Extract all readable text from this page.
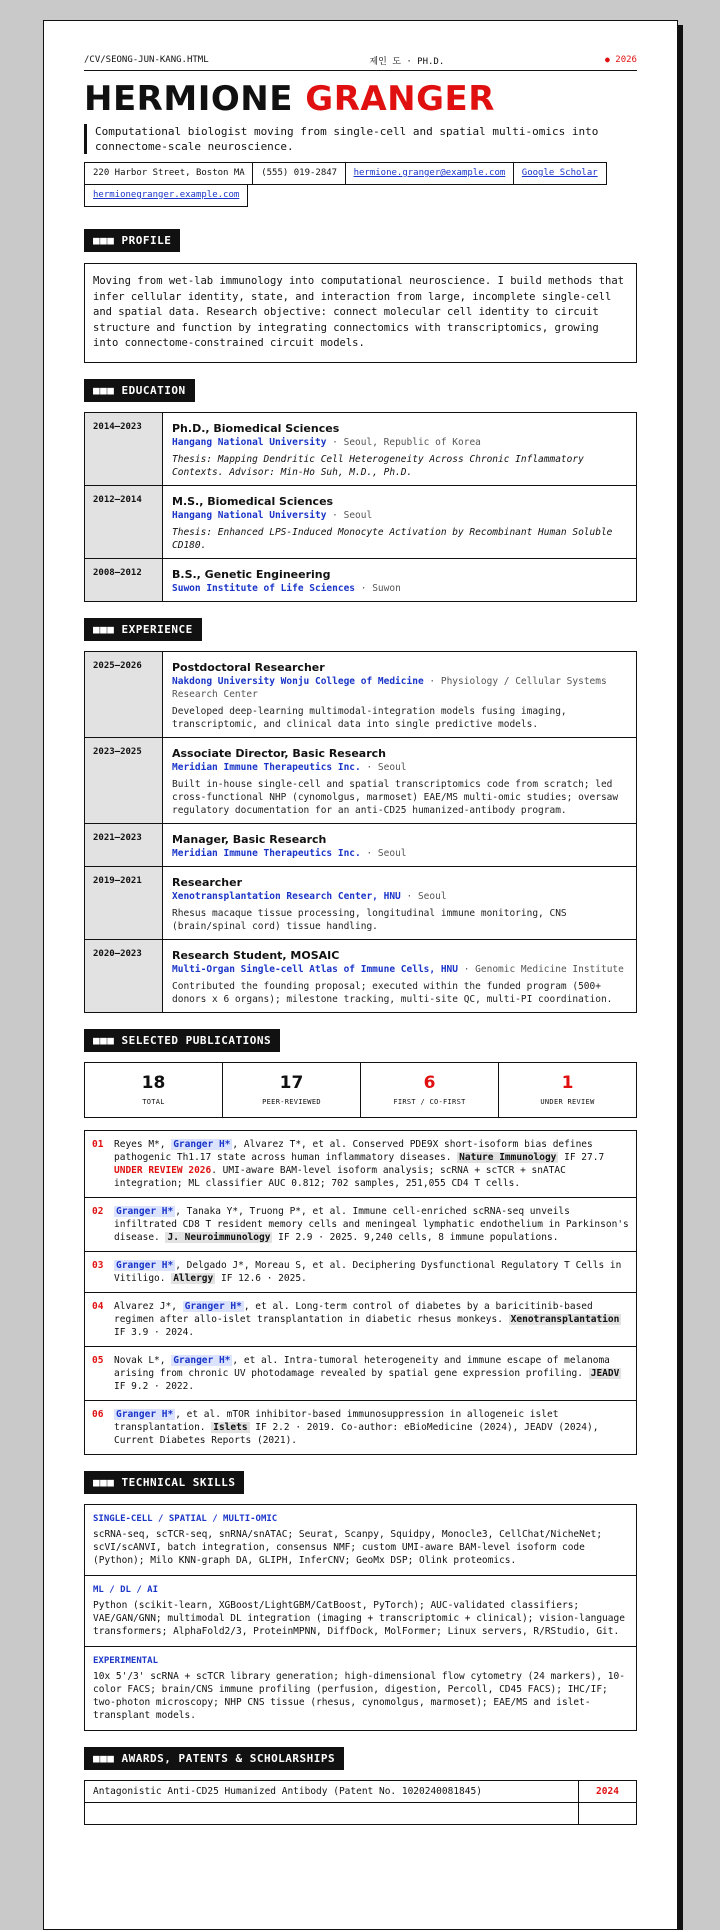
/CV/SEONG-JUN-KANG.HTML	제인 도 · PH.D.	● 2026
HERMIONE GRANGER
Computational biologist moving from single-cell and spatial multi-omics into connectome-scale neuroscience.
220 Harbor Street, Boston MA	(555) 019-2847	hermione.granger@example.com	Google Scholar
hermionegranger.example.com
■■■ PROFILE
Moving from wet-lab immunology into computational neuroscience. I build methods that infer cellular identity, state, and interaction from large, incomplete single-cell and spatial data. Research objective: connect molecular cell identity to circuit structure and function by integrating connectomics with transcriptomics, growing into connectome-constrained circuit models.
■■■ EDUCATION
2014–2023	Ph.D., Biomedical Sciences
Hangang National University · Seoul, Republic of Korea
Thesis: Mapping Dendritic Cell Heterogeneity Across Chronic Inflammatory Contexts. Advisor: Min-Ho Suh, M.D., Ph.D.

2012–2014	M.S., Biomedical Sciences
Hangang National University · Seoul
Thesis: Enhanced LPS-Induced Monocyte Activation by Recombinant Human Soluble CD180.

2008–2012	B.S., Genetic Engineering
Suwon Institute of Life Sciences · Suwon
■■■ EXPERIENCE
2025–2026	Postdoctoral Researcher
Nakdong University Wonju College of Medicine · Physiology / Cellular Systems Research Center
Developed deep-learning multimodal-integration models fusing imaging, transcriptomic, and clinical data into single predictive models.

2023–2025	Associate Director, Basic Research
Meridian Immune Therapeutics Inc. · Seoul
Built in-house single-cell and spatial transcriptomics code from scratch; led cross-functional NHP (cynomolgus, marmoset) EAE/MS multi-omic studies; oversaw regulatory documentation for an anti-CD25 humanized-antibody program.

2021–2023	Manager, Basic Research
Meridian Immune Therapeutics Inc. · Seoul

2019–2021	Researcher
Xenotransplantation Research Center, HNU · Seoul
Rhesus macaque tissue processing, longitudinal immune monitoring, CNS (brain/spinal cord) tissue handling.

2020–2023	Research Student, MOSAIC
Multi-Organ Single-cell Atlas of Immune Cells, HNU · Genomic Medicine Institute
Contributed the founding proposal; executed within the funded program (500+ donors x 6 organs); milestone tracking, multi-site QC, multi-PI coordination.
■■■ SELECTED PUBLICATIONS
18
TOTAL
17
PEER-REVIEWED
6
FIRST / CO-FIRST
1
UNDER REVIEW
01	Reyes M*, Granger H* , Alvarez T*, et al. Conserved PDE9X short-isoform bias defines pathogenic Th1.17 state across human inflammatory diseases. Nature Immunology IF 27.7 UNDER REVIEW 2026. UMI-aware BAM-level isoform analysis; scRNA + scTCR + snATAC integration; ML classifier AUC 0.812; 702 samples, 251,055 CD4 T cells.
02	Granger H* , Tanaka Y*, Truong P*, et al. Immune cell-enriched scRNA-seq unveils infiltrated CD8 T resident memory cells and meningeal lymphatic endothelium in Parkinson's disease. J. Neuroimmunology IF 2.9 · 2025. 9,240 cells, 8 immune populations.
03	Granger H* , Delgado J*, Moreau S, et al. Deciphering Dysfunctional Regulatory T Cells in Vitiligo. Allergy IF 12.6 · 2025.
04	Alvarez J*, Granger H* , et al. Long-term control of diabetes by a baricitinib-based regimen after allo-islet transplantation in diabetic rhesus monkeys. Xenotransplantation IF 3.9 · 2024.
05	Novak L*, Granger H* , et al. Intra-tumoral heterogeneity and immune escape of melanoma arising from chronic UV photodamage revealed by spatial gene expression profiling. JEADV IF 9.2 · 2022.
06	Granger H* , et al. mTOR inhibitor-based immunosuppression in allogeneic islet transplantation. Islets IF 2.2 · 2019. Co-author: eBioMedicine (2024), JEADV (2024), Current Diabetes Reports (2021).
■■■ TECHNICAL SKILLS
SINGLE-CELL / SPATIAL / MULTI-OMIC
scRNA-seq, scTCR-seq, snRNA/snATAC; Seurat, Scanpy, Squidpy, Monocle3, CellChat/NicheNet; scVI/scANVI, batch integration, consensus NMF; custom UMI-aware BAM-level isoform code (Python); Milo KNN-graph DA, GLIPH, InferCNV; GeoMx DSP; Olink proteomics.
ML / DL / AI
Python (scikit-learn, XGBoost/LightGBM/CatBoost, PyTorch); AUC-validated classifiers; VAE/GAN/GNN; multimodal DL integration (imaging + transcriptomic + clinical); vision-language transformers; AlphaFold2/3, ProteinMPNN, DiffDock, MolFormer; Linux servers, R/RStudio, Git.
EXPERIMENTAL
10x 5'/3' scRNA + scTCR library generation; high-dimensional flow cytometry (24 markers), 10-color FACS; brain/CNS immune profiling (perfusion, digestion, Percoll, CD45 FACS); IHC/IF; two-photon microscopy; NHP CNS tissue (rhesus, cynomolgus, marmoset); EAE/MS and islet-transplant models.
■■■ AWARDS, PATENTS & SCHOLARSHIPS
Antagonistic Anti-CD25 Humanized Antibody (Patent No. 1020240081845)	2024
